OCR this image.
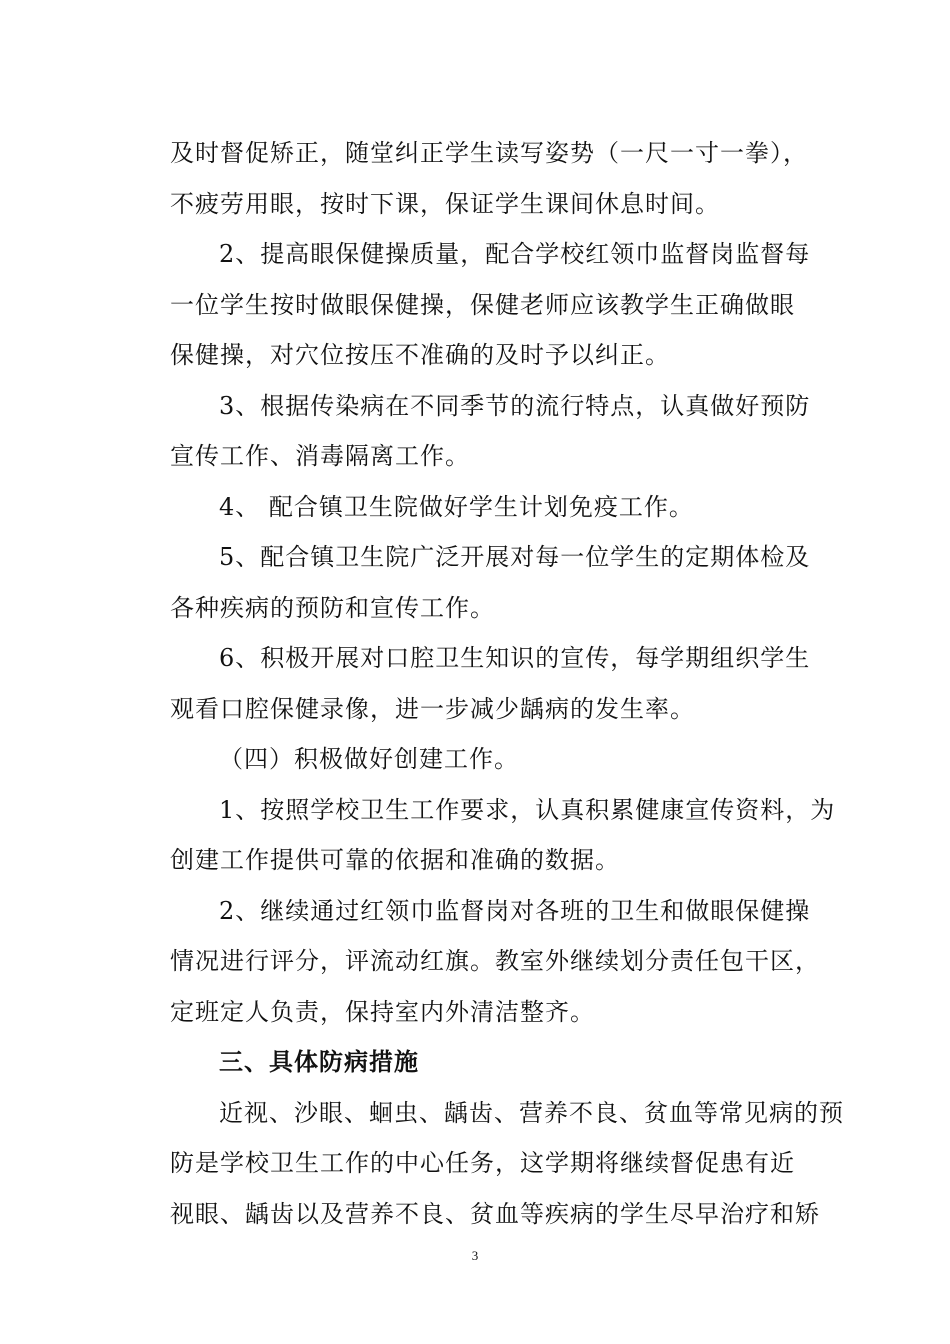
及时督促矫正，随堂纠正学生读写姿势（一尺一寸一拳），
不疲劳用眼，按时下课，保证学生课间休息时间。

2、提高眼保健操质量，配合学校红领巾监督岗监督每
一位学生按时做眼保健操，保健老师应该教学生正确做眼
保健操，对穴位按压不准确的及时予以纠正。

3、根据传染病在不同季节的流行特点，认真做好预防
宣传工作、消毒隔离工作。

4、 配合镇卫生院做好学生计划免疫工作。

5、配合镇卫生院广泛开展对每一位学生的定期体检及
各种疾病的预防和宣传工作。

6、积极开展对口腔卫生知识的宣传，每学期组织学生
观看口腔保健录像，进一步减少龋病的发生率。

（四）积极做好创建工作。

1、按照学校卫生工作要求，认真积累健康宣传资料，为
创建工作提供可靠的依据和准确的数据。

2、继续通过红领巾监督岗对各班的卫生和做眼保健操
情况进行评分，评流动红旗。教室外继续划分责任包干区，
定班定人负责，保持室内外清洁整齐。

三、具体防病措施

近视、沙眼、蛔虫、龋齿、营养不良、贫血等常见病的预
防是学校卫生工作的中心任务，这学期将继续督促患有近
视眼、龋齿以及营养不良、贫血等疾病的学生尽早治疗和矫

3
